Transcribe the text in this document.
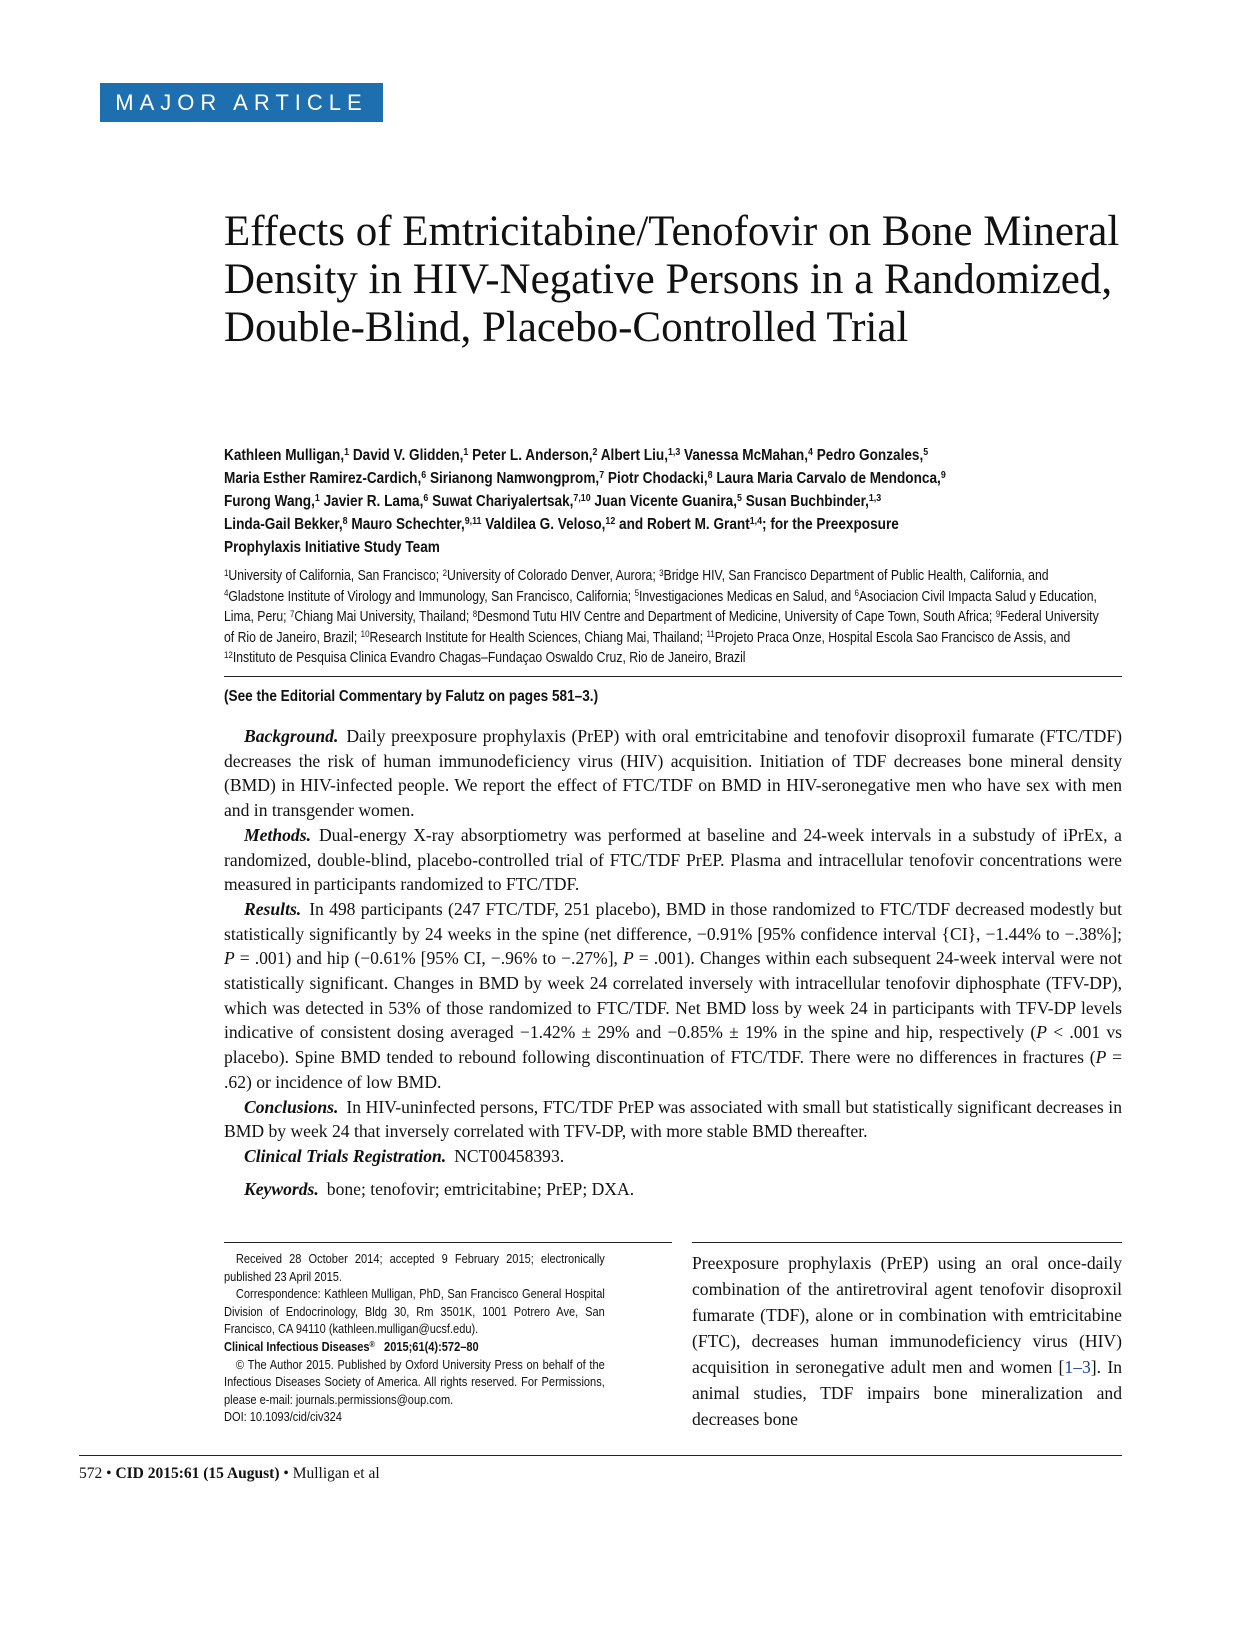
MAJOR ARTICLE
Effects of Emtricitabine/Tenofovir on Bone Mineral Density in HIV-Negative Persons in a Randomized, Double-Blind, Placebo-Controlled Trial
Kathleen Mulligan,$^1$ David V. Glidden,$^1$ Peter L. Anderson,$^2$ Albert Liu,$^{1,3}$ Vanessa McMahan,$^4$ Pedro Gonzales,$^5$
Maria Esther Ramirez-Cardich,$^6$ Sirianong Namwongprom,$^7$ Piotr Chodacki,$^8$ Laura Maria Carvalo de Mendonca,$^9$
Furong Wang,$^1$ Javier R. Lama,$^6$ Suwat Chariyalertsak,$^{7,10}$ Juan Vicente Guanira,$^5$ Susan Buchbinder,$^{1,3}$
Linda-Gail Bekker,$^8$ Mauro Schechter,$^{9,11}$ Valdilea G. Veloso,$^{12}$ and Robert M. Grant$^{1,4}$; for the Preexposure
Prophylaxis Initiative Study Team
$^1$University of California, San Francisco; $^2$University of Colorado Denver, Aurora; $^3$Bridge HIV, San Francisco Department of Public Health, California, and
$^4$Gladstone Institute of Virology and Immunology, San Francisco, California; $^5$Investigaciones Medicas en Salud, and $^6$Asociacion Civil Impacta Salud y Education,
Lima, Peru; $^7$Chiang Mai University, Thailand; $^8$Desmond Tutu HIV Centre and Department of Medicine, University of Cape Town, South Africa; $^9$Federal University
of Rio de Janeiro, Brazil; $^{10}$Research Institute for Health Sciences, Chiang Mai, Thailand; $^{11}$Projeto Praca Onze, Hospital Escola Sao Francisco de Assis, and
$^{12}$Instituto de Pesquisa Clinica Evandro Chagas–Fundaçao Oswaldo Cruz, Rio de Janeiro, Brazil
(See the Editorial Commentary by Falutz on pages 581–3.)

Background. Daily preexposure prophylaxis (PrEP) with oral emtricitabine and tenofovir disoproxil fumarate (FTC/TDF) decreases the risk of human immunodeficiency virus (HIV) acquisition. Initiation of TDF decreases bone mineral density (BMD) in HIV-infected people. We report the effect of FTC/TDF on BMD in HIV-seronegative men who have sex with men and in transgender women.

Methods. Dual-energy X-ray absorptiometry was performed at baseline and 24-week intervals in a substudy of iPrEx, a randomized, double-blind, placebo-controlled trial of FTC/TDF PrEP. Plasma and intracellular tenofovir concentrations were measured in participants randomized to FTC/TDF.

Results. In 498 participants (247 FTC/TDF, 251 placebo), BMD in those randomized to FTC/TDF decreased modestly but statistically significantly by 24 weeks in the spine (net difference, −0.91% [95% confidence interval {CI}, −1.44% to −.38%]; P = .001) and hip (−0.61% [95% CI, −.96% to −.27%], P = .001). Changes within each subsequent 24-week interval were not statistically significant. Changes in BMD by week 24 correlated inversely with intracellular tenofovir diphosphate (TFV-DP), which was detected in 53% of those randomized to FTC/TDF. Net BMD loss by week 24 in participants with TFV-DP levels indicative of consistent dosing averaged −1.42% ± 29% and −0.85% ± 19% in the spine and hip, respectively (P < .001 vs placebo). Spine BMD tended to rebound following discontinuation of FTC/TDF. There were no differences in fractures (P = .62) or incidence of low BMD.

Conclusions. In HIV-uninfected persons, FTC/TDF PrEP was associated with small but statistically significant decreases in BMD by week 24 that inversely correlated with TFV-DP, with more stable BMD thereafter.

Clinical Trials Registration. NCT00458393.

Keywords. bone; tenofovir; emtricitabine; PrEP; DXA.

Received 28 October 2014; accepted 9 February 2015; electronically published 23 April 2015.

Correspondence: Kathleen Mulligan, PhD, San Francisco General Hospital Division of Endocrinology, Bldg 30, Rm 3501K, 1001 Potrero Ave, San Francisco, CA 94110 (kathleen.mulligan@ucsf.edu).

Clinical Infectious Diseases®   2015;61(4):572–80

© The Author 2015. Published by Oxford University Press on behalf of the Infectious Diseases Society of America. All rights reserved. For Permissions, please e-mail: journals.permissions@oup.com.

DOI: 10.1093/cid/civ324

Preexposure prophylaxis (PrEP) using an oral once-daily combination of the antiretroviral agent tenofovir disoproxil fumarate (TDF), alone or in combination with emtricitabine (FTC), decreases human immunodeficiency virus (HIV) acquisition in seronegative adult men and women [1–3]. In animal studies, TDF impairs bone mineralization and decreases bone
572 • CID 2015:61 (15 August) • Mulligan et al
